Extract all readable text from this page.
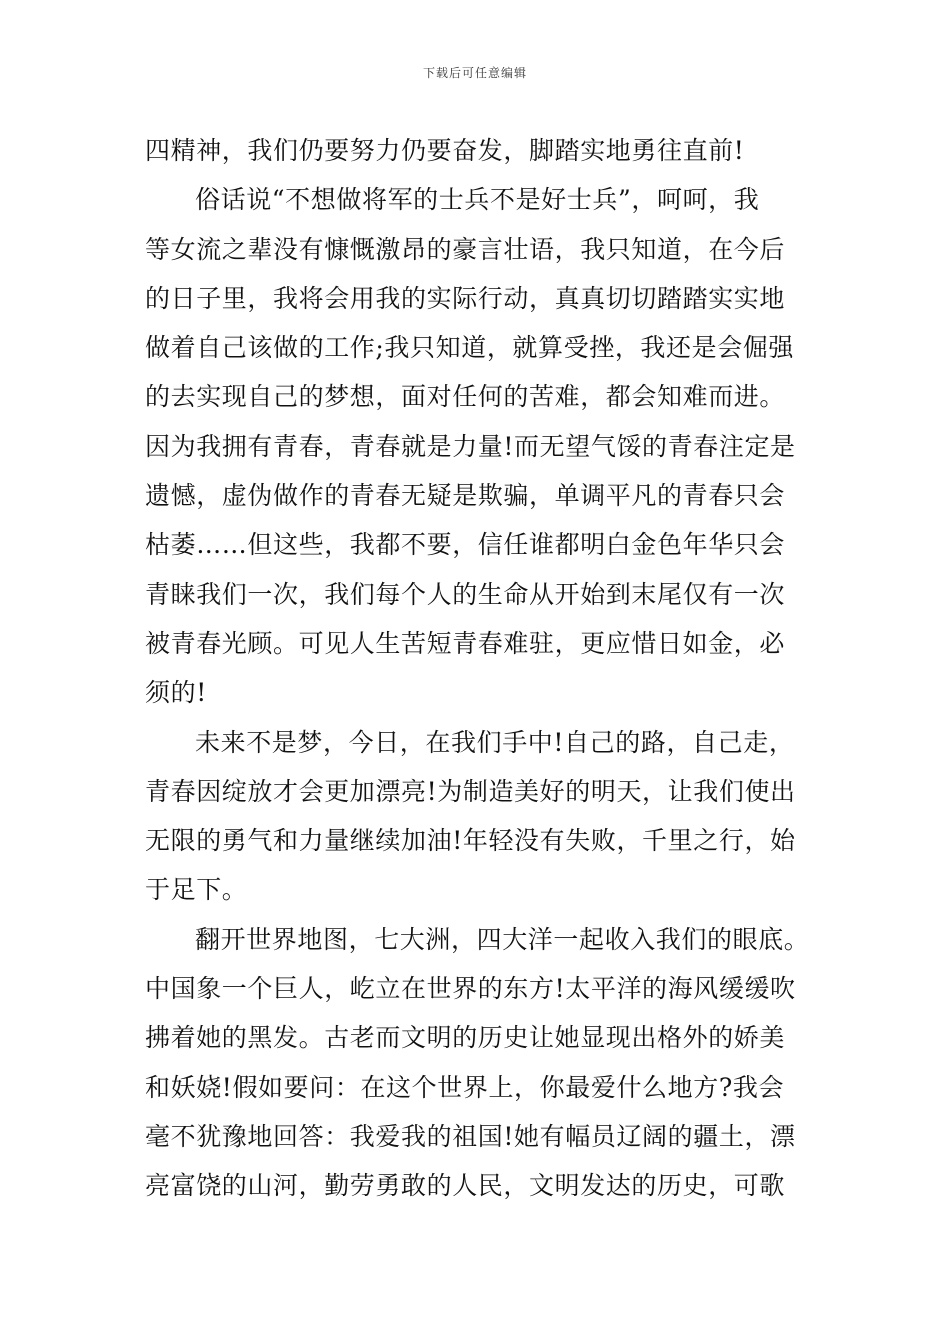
下载后可任意编辑
四精神，我们仍要努力仍要奋发，脚踏实地勇往直前!
俗话说“不想做将军的士兵不是好士兵”，呵呵，我
等女流之辈没有慷慨激昂的豪言壮语，我只知道，在今后
的日子里，我将会用我的实际行动，真真切切踏踏实实地
做着自己该做的工作;我只知道，就算受挫，我还是会倔强
的去实现自己的梦想，面对任何的苦难，都会知难而进。
因为我拥有青春，青春就是力量!而无望气馁的青春注定是
遗憾，虚伪做作的青春无疑是欺骗，单调平凡的青春只会
枯萎……但这些，我都不要，信任谁都明白金色年华只会
青睐我们一次，我们每个人的生命从开始到末尾仅有一次
被青春光顾。可见人生苦短青春难驻，更应惜日如金，必
须的!
未来不是梦，今日，在我们手中!自己的路，自己走，
青春因绽放才会更加漂亮!为制造美好的明天，让我们使出
无限的勇气和力量继续加油!年轻没有失败，千里之行，始
于足下。
翻开世界地图，七大洲，四大洋一起收入我们的眼底。
中国象一个巨人，屹立在世界的东方!太平洋的海风缓缓吹
拂着她的黑发。古老而文明的历史让她显现出格外的娇美
和妖娆!假如要问：在这个世界上，你最爱什么地方?我会
毫不犹豫地回答：我爱我的祖国!她有幅员辽阔的疆土，漂
亮富饶的山河，勤劳勇敢的人民，文明发达的历史，可歌
